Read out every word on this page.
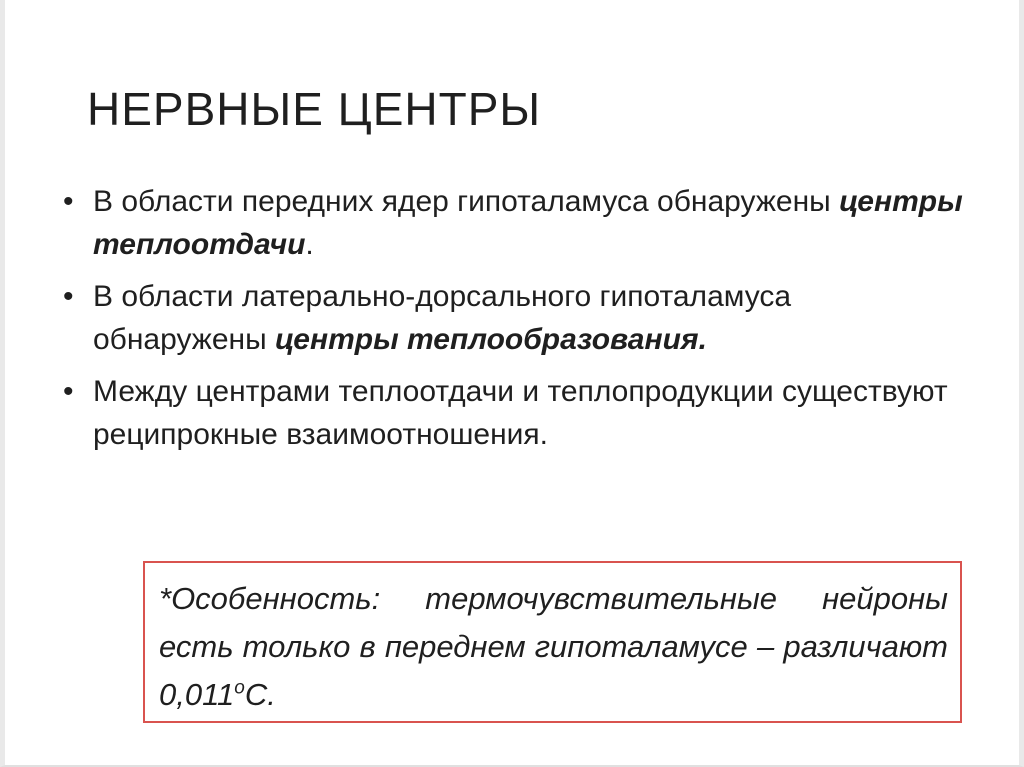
НЕРВНЫЕ ЦЕНТРЫ
• В области передних ядер гипоталамуса обнаружены центры теплоотдачи.
• В области латерально-дорсального гипоталамуса обнаружены центры теплообразования.
• Между центрами теплоотдачи и теплопродукции существуют реципрокные взаимоотношения.
*Особенность: термочувствительные нейроны есть только в переднем гипоталамусе – различают $0,011^оС$.
